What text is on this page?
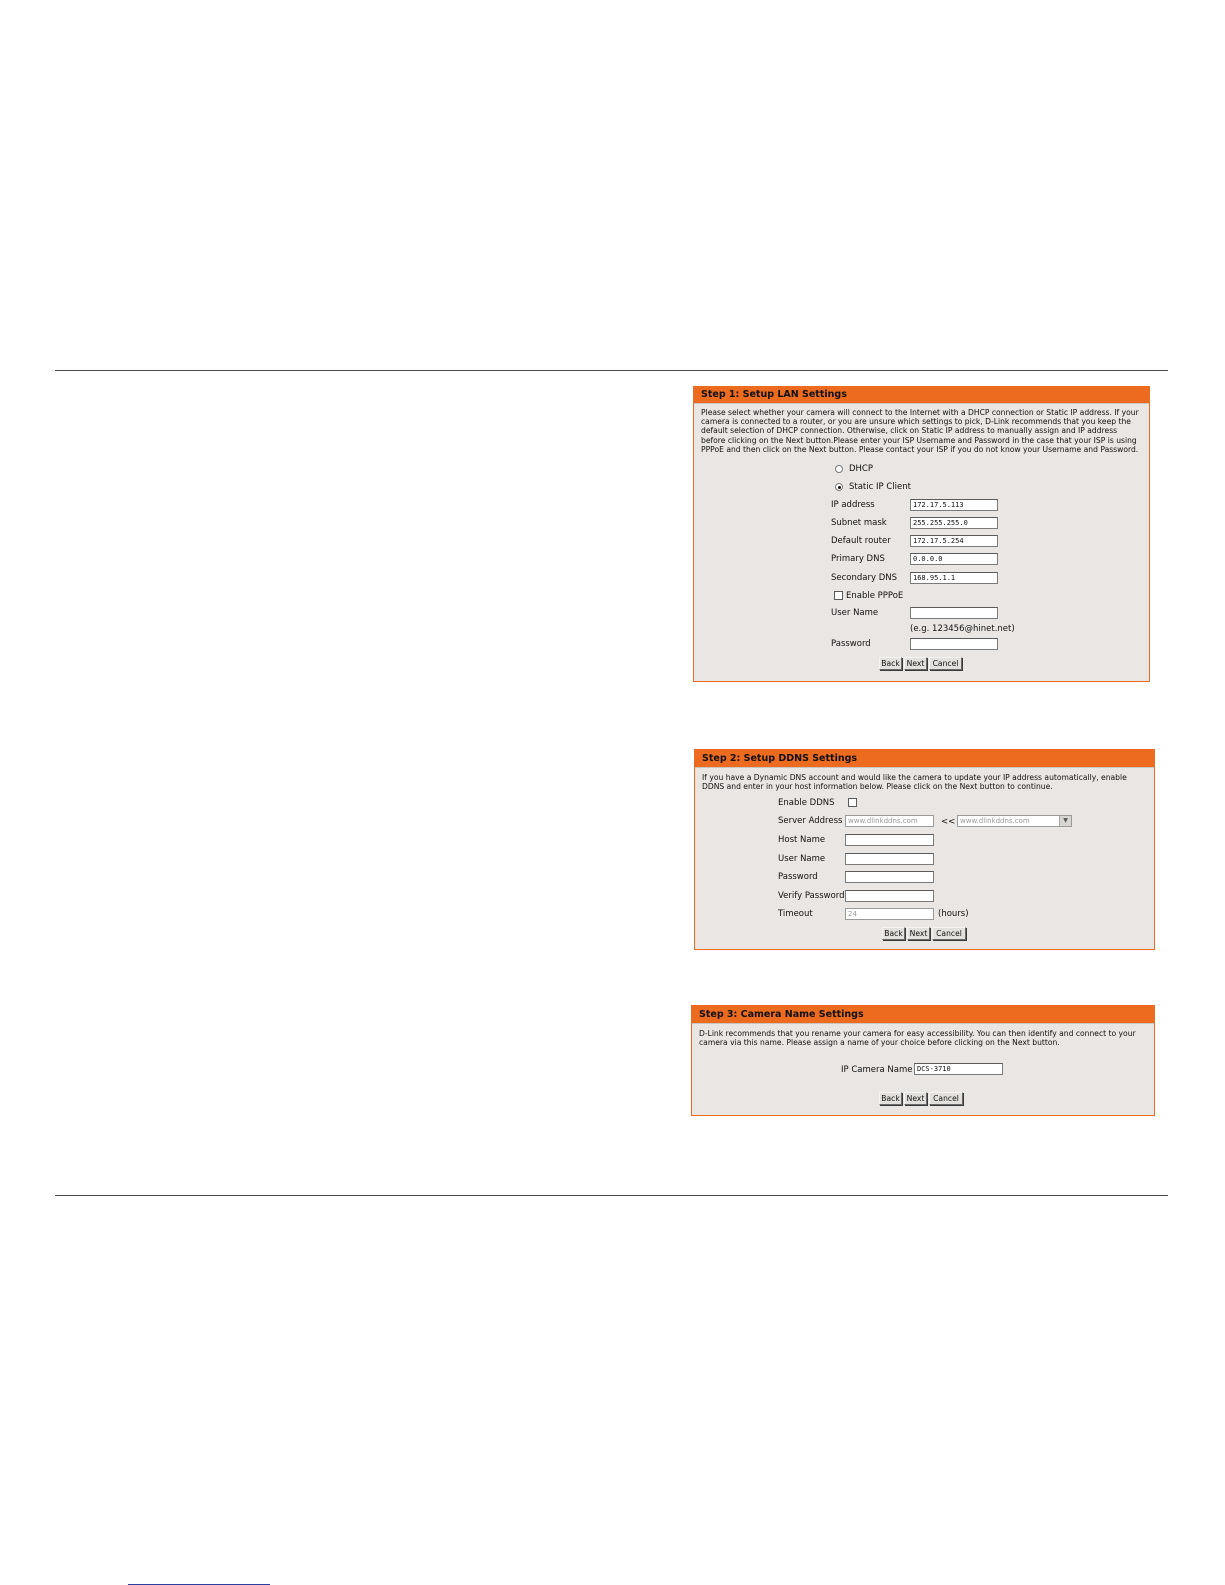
Step 1: Setup LAN Settings
Please select whether your camera will connect to the Internet with a DHCP connection or Static IP address. If your camera is connected to a router, or you are unsure which settings to pick, D-Link recommends that you keep the default selection of DHCP connection. Otherwise, click on Static IP address to manually assign and IP address before clicking on the Next button.Please enter your ISP Username and Password in the case that your ISP is using PPPoE and then click on the Next button. Please contact your ISP if you do not know your Username and Password.
DHCP
Static IP Client
IP address	172.17.5.113
Subnet mask	255.255.255.0
Default router	172.17.5.254
Primary DNS	0.0.0.0
Secondary DNS	168.95.1.1
Enable PPPoE
User Name
(e.g. 123456@hinet.net)
Password
Back Next	Cancel
Step 2: Setup DDNS Settings
If you have a Dynamic DNS account and would like the camera to update your IP address automatically, enable DDNS and enter in your host information below. Please click on the Next button to continue.
Enable DDNS
Server Address www.dlinkddns.com	<< www.dlinkddns.com	▼
Host Name
User Name
Password
Verify Password
Timeout	24	(hours)
Back Next	Cancel
Step 3: Camera Name Settings
D-Link recommends that you rename your camera for easy accessibility. You can then identify and connect to your camera via this name. Please assign a name of your choice before clicking on the Next button.
IP Camera Name DCS-3710
Back Next	Cancel
